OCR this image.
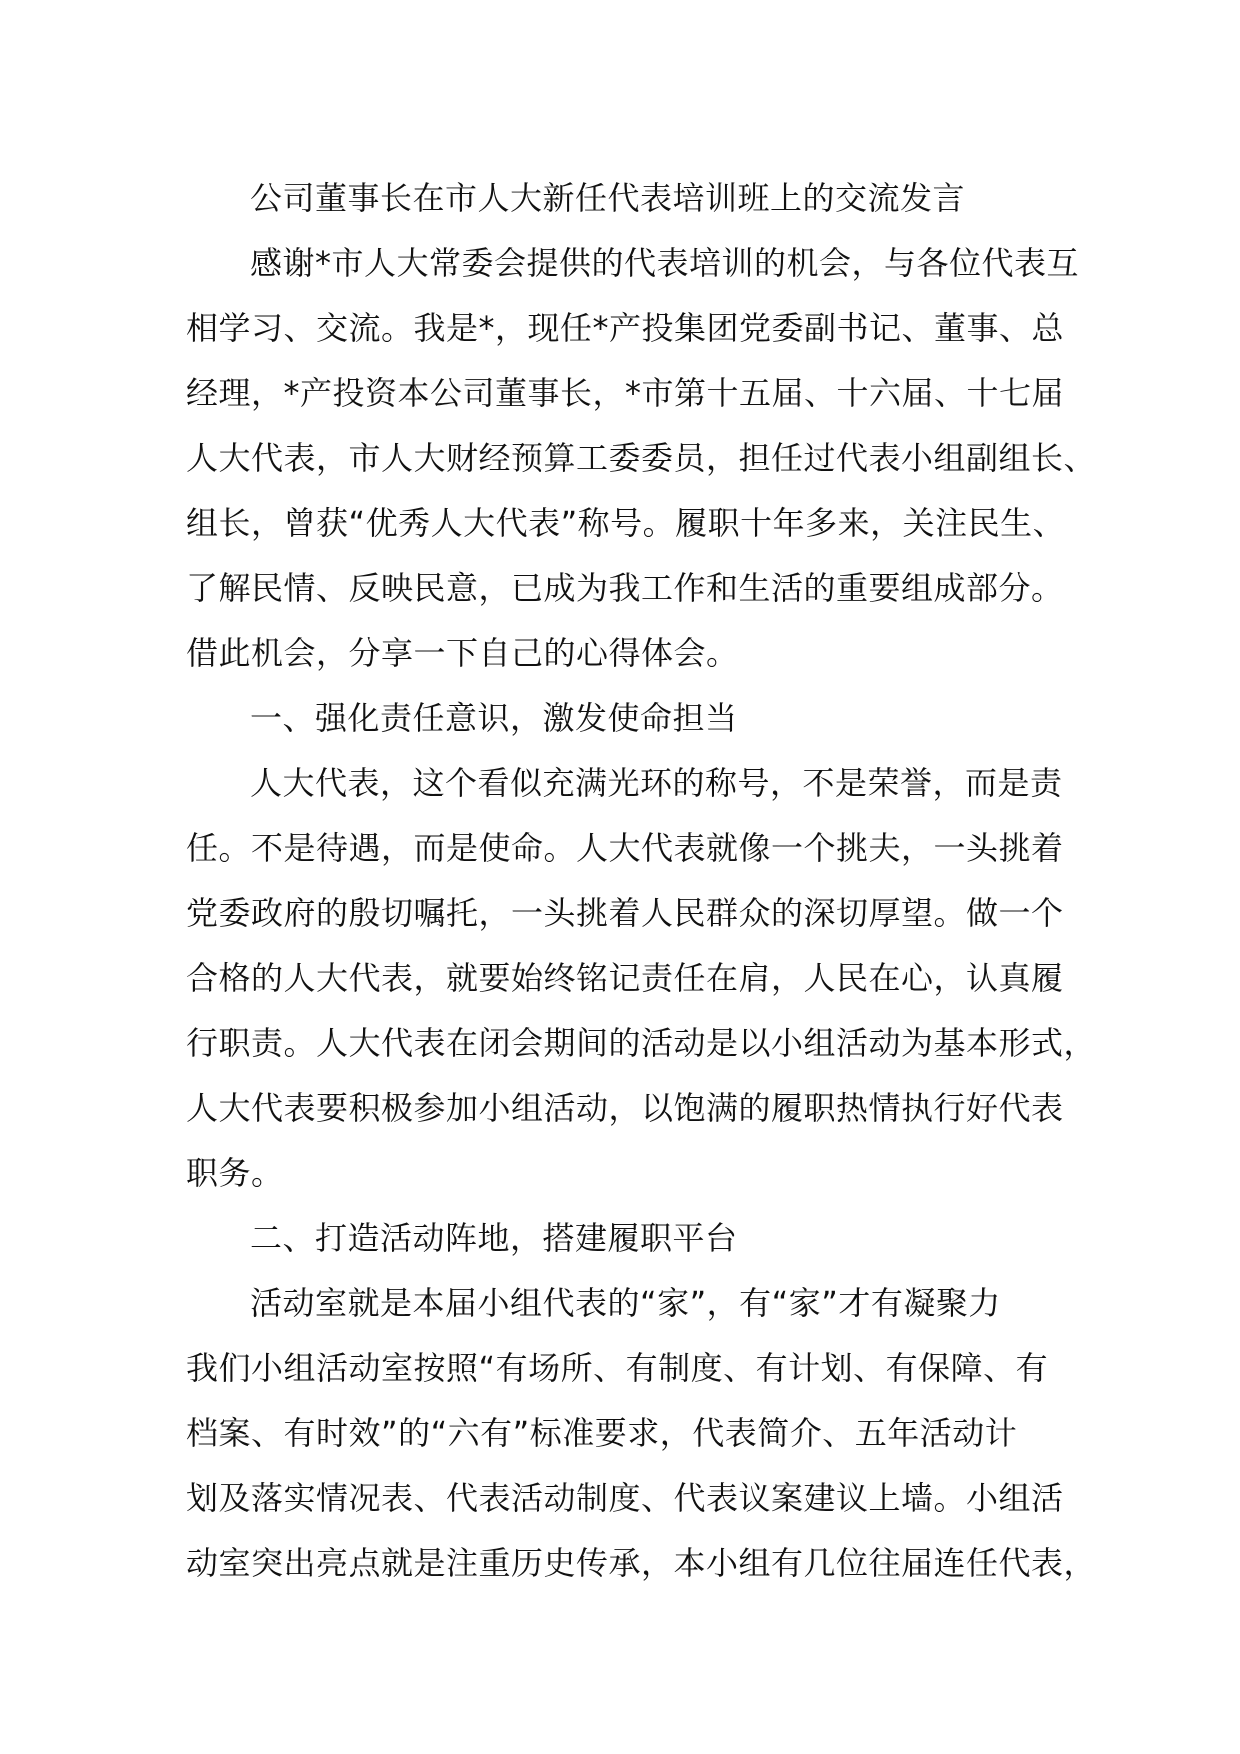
公司董事长在市人大新任代表培训班上的交流发言
感谢*市人大常委会提供的代表培训的机会，与各位代表互
相学习、交流。我是*，现任*产投集团党委副书记、董事、总
经理，*产投资本公司董事长，*市第十五届、十六届、十七届
人大代表，市人大财经预算工委委员，担任过代表小组副组长、
组长，曾获“优秀人大代表”称号。履职十年多来，关注民生、
了解民情、反映民意，已成为我工作和生活的重要组成部分。
借此机会，分享一下自己的心得体会。
一、强化责任意识，激发使命担当
人大代表，这个看似充满光环的称号，不是荣誉，而是责
任。不是待遇，而是使命。人大代表就像一个挑夫，一头挑着
党委政府的殷切嘱托，一头挑着人民群众的深切厚望。做一个
合格的人大代表，就要始终铭记责任在肩，人民在心，认真履
行职责。人大代表在闭会期间的活动是以小组活动为基本形式，
人大代表要积极参加小组活动，以饱满的履职热情执行好代表
职务。
二、打造活动阵地，搭建履职平台
活动室就是本届小组代表的“家”，有“家”才有凝聚力
我们小组活动室按照“有场所、有制度、有计划、有保障、有
档案、有时效”的“六有”标准要求，代表简介、五年活动计
划及落实情况表、代表活动制度、代表议案建议上墙。小组活
动室突出亮点就是注重历史传承，本小组有几位往届连任代表，
